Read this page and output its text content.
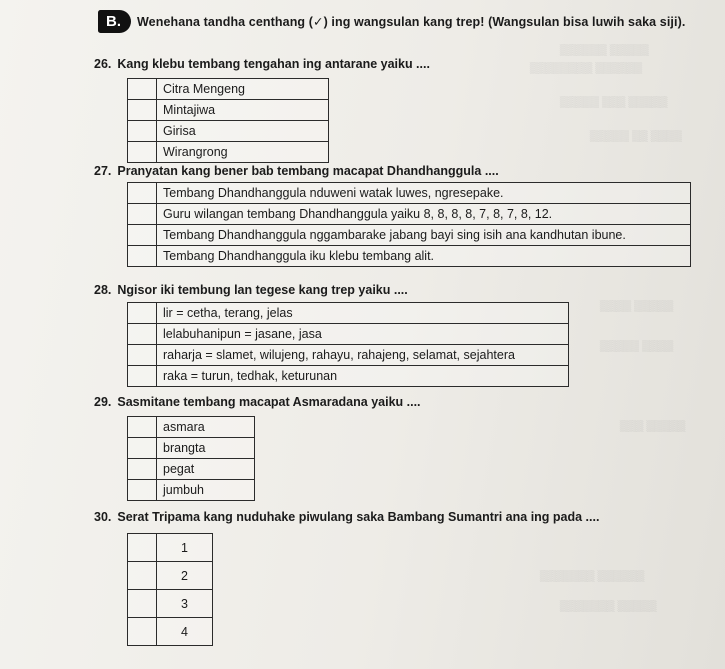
▒▒▒▒▒ ▒▒▒▒▒▒
▒▒▒▒▒▒ ▒▒▒▒▒▒▒▒
▒▒▒▒▒ ▒▒▒ ▒▒▒▒▒
▒▒▒▒ ▒▒ ▒▒▒▒▒
▒▒▒▒▒ ▒▒▒▒
▒▒▒▒ ▒▒▒▒▒
▒▒▒▒▒ ▒▒▒
▒▒▒▒▒▒ ▒▒▒▒▒▒▒
▒▒▒▒▒ ▒▒▒▒▒▒▒
B.	Wenehana tandha centhang (✓) ing wangsulan kang trep! (Wangsulan bisa luwih saka siji).
26. Kang klebu tembang tengahan ing antarane yaiku ....
	Citra Mengeng
	Mintajiwa
	Girisa
	Wirangrong
27. Pranyatan kang bener bab tembang macapat Dhandhanggula ....
	Tembang Dhandhanggula nduweni watak luwes, ngresepake.
	Guru wilangan tembang Dhandhanggula yaiku 8, 8, 8, 8, 7, 8, 7, 8, 12.
	Tembang Dhandhanggula nggambarake jabang bayi sing isih ana kandhutan ibune.
	Tembang Dhandhanggula iku klebu tembang alit.
28. Ngisor iki tembung lan tegese kang trep yaiku ....
	lir = cetha, terang, jelas
	lelabuhanipun = jasane, jasa
	raharja = slamet, wilujeng, rahayu, rahajeng, selamat, sejahtera
	raka = turun, tedhak, keturunan
29. Sasmitane tembang macapat Asmaradana yaiku ....
	asmara
	brangta
	pegat
	jumbuh
30. Serat Tripama kang nuduhake piwulang saka Bambang Sumantri ana ing pada ....
	1
	2
	3
	4
